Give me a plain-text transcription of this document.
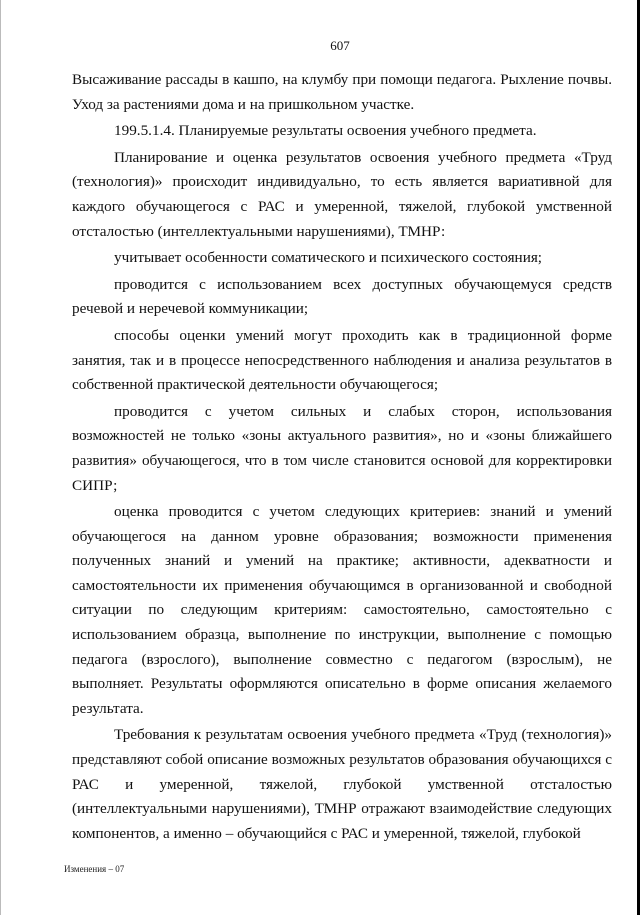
607

Высаживание рассады в кашпо, на клумбу при помощи педагога. Рыхление почвы. Уход за растениями дома и на пришкольном участке.

199.5.1.4. Планируемые результаты освоения учебного предмета.

Планирование и оценка результатов освоения учебного предмета «Труд (технология)» происходит индивидуально, то есть является вариативной для каждого обучающегося с РАС и умеренной, тяжелой, глубокой умственной отсталостью (интеллектуальными нарушениями), ТМНР:

учитывает особенности соматического и психического состояния;

проводится с использованием всех доступных обучающемуся средств речевой и неречевой коммуникации;

способы оценки умений могут проходить как в традиционной форме занятия, так и в процессе непосредственного наблюдения и анализа результатов в собственной практической деятельности обучающегося;

проводится с учетом сильных и слабых сторон, использования возможностей не только «зоны актуального развития», но и «зоны ближайшего развития» обучающегося, что в том числе становится основой для корректировки СИПР;

оценка проводится с учетом следующих критериев: знаний и умений обучающегося на данном уровне образования; возможности применения полученных знаний и умений на практике; активности, адекватности и самостоятельности их применения обучающимся в организованной и свободной ситуации по следующим критериям: самостоятельно, самостоятельно с использованием образца, выполнение по инструкции, выполнение с помощью педагога (взрослого), выполнение совместно с педагогом (взрослым), не выполняет. Результаты оформляются описательно в форме описания желаемого результата.

Требования к результатам освоения учебного предмета «Труд (технология)» представляют собой описание возможных результатов образования обучающихся с РАС и умеренной, тяжелой, глубокой умственной отсталостью (интеллектуальными нарушениями), ТМНР отражают взаимодействие следующих компонентов, а именно – обучающийся с РАС и умеренной, тяжелой, глубокой

Изменения – 07
